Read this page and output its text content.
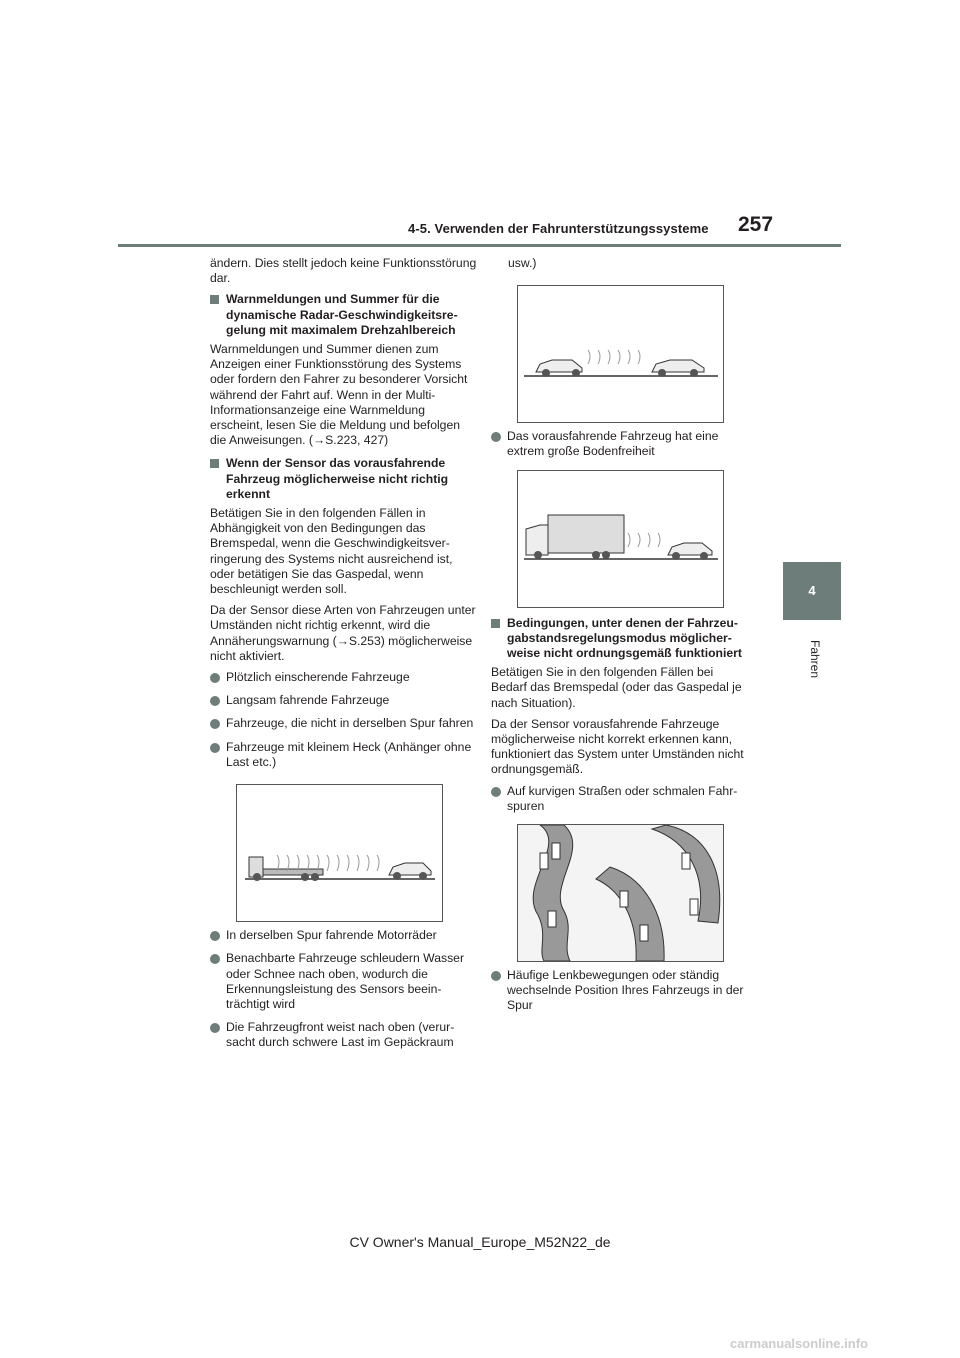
4-5. Verwenden der Fahrunterstützungssysteme 257
4
Fahren

ändern. Dies stellt jedoch keine Funktionsstörung dar.

Warnmeldungen und Summer für die dynamische Radar-Geschwindigkeitsregelung mit maximalem Drehzahlbereich

Warnmeldungen und Summer dienen zum Anzeigen einer Funktionsstörung des Systems oder fordern den Fahrer zu besonderer Vorsicht während der Fahrt auf. Wenn in der Multi-Informationsanzeige eine Warnmeldung erscheint, lesen Sie die Meldung und befolgen die Anweisungen. (→S.223, 427)

Wenn der Sensor das vorausfahrende Fahrzeug möglicherweise nicht richtig erkennt

Betätigen Sie in den folgenden Fällen in Abhängigkeit von den Bedingungen das Bremspedal, wenn die Geschwindigkeitsverringerung des Systems nicht ausreichend ist, oder betätigen Sie das Gaspedal, wenn beschleunigt werden soll.

Da der Sensor diese Arten von Fahrzeugen unter Umständen nicht richtig erkennt, wird die Annäherungswarnung (→S.253) möglicherweise nicht aktiviert.

Plötzlich einscherende Fahrzeuge

Langsam fahrende Fahrzeuge

Fahrzeuge, die nicht in derselben Spur fahren

Fahrzeuge mit kleinem Heck (Anhänger ohne Last etc.)

In derselben Spur fahrende Motorräder

Benachbarte Fahrzeuge schleudern Wasser oder Schnee nach oben, wodurch die Erkennungsleistung des Sensors beeinträchtigt wird

Die Fahrzeugfront weist nach oben (verursacht durch schwere Last im Gepäckraum

usw.)

Das vorausfahrende Fahrzeug hat eine extrem große Bodenfreiheit

Bedingungen, unter denen der Fahrzeugabstandsregelungsmodus möglicherweise nicht ordnungsgemäß funktioniert

Betätigen Sie in den folgenden Fällen bei Bedarf das Bremspedal (oder das Gaspedal je nach Situation).

Da der Sensor vorausfahrende Fahrzeuge möglicherweise nicht korrekt erkennen kann, funktioniert das System unter Umständen nicht ordnungsgemäß.

Auf kurvigen Straßen oder schmalen Fahrspuren

Häufige Lenkbewegungen oder ständig wechselnde Position Ihres Fahrzeugs in der Spur

CV Owner's Manual_Europe_M52N22_de
carmanualsonline.info
